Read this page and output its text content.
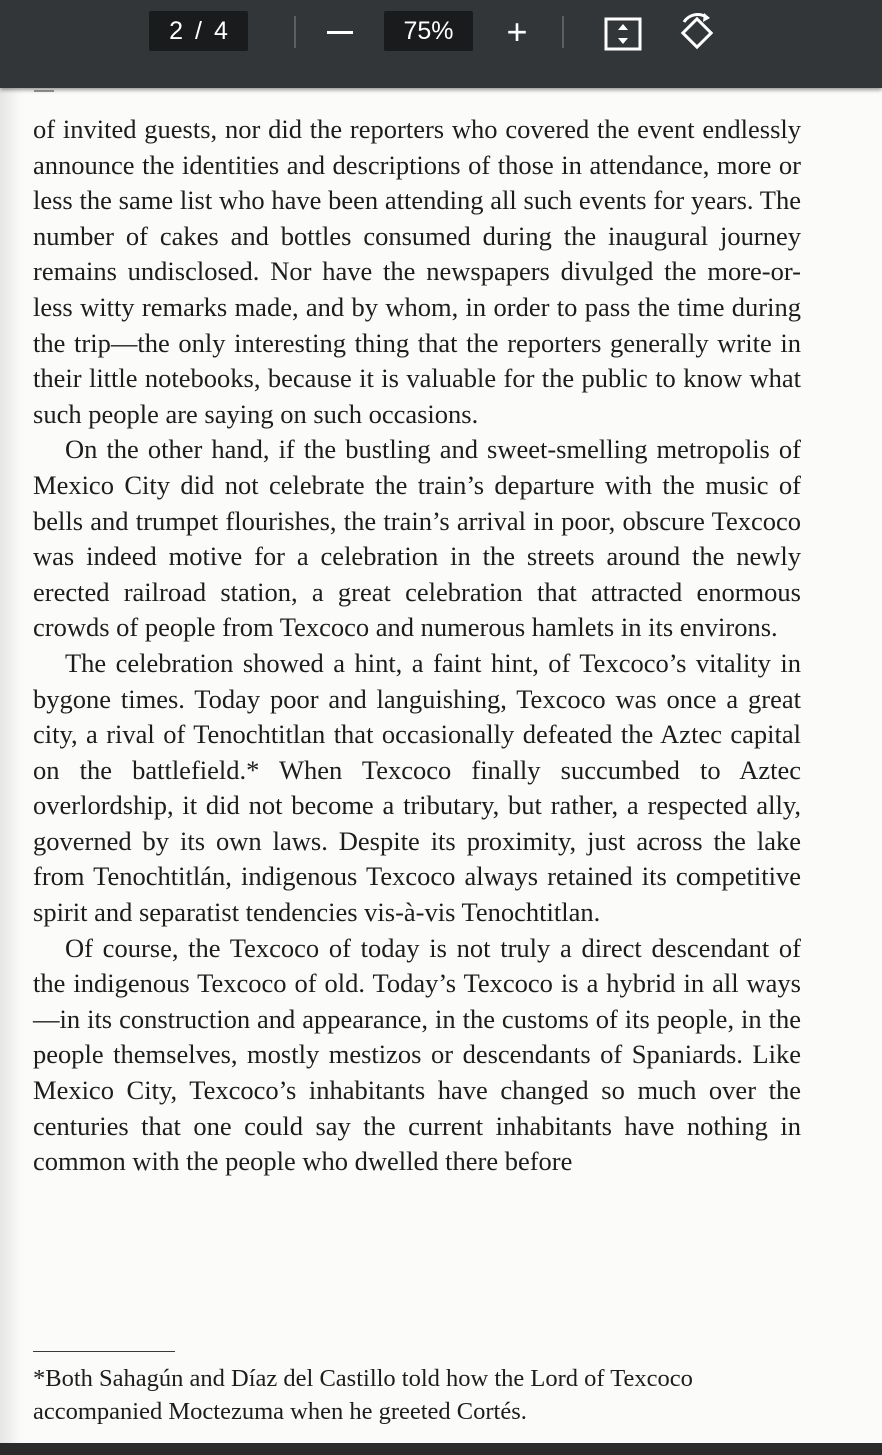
2 / 4	75%	+

of invited guests, nor did the reporters who covered the event endlessly announce the identities and descriptions of those in attendance, more or less the same list who have been attending all such events for years. The number of cakes and bottles consumed during the inaugural journey remains undisclosed. Nor have the newspapers divulged the more-or-less witty remarks made, and by whom, in order to pass the time during the trip—the only interesting thing that the reporters generally write in their little notebooks, because it is valuable for the public to know what such people are saying on such occasions.

On the other hand, if the bustling and sweet-smelling metropolis of Mexico City did not celebrate the train’s departure with the music of bells and trumpet flourishes, the train’s arrival in poor, obscure Texcoco was indeed motive for a celebration in the streets around the newly erected railroad station, a great celebration that attracted enormous crowds of people from Texcoco and numerous hamlets in its environs.

The celebration showed a hint, a faint hint, of Texcoco’s vitality in bygone times. Today poor and languishing, Texcoco was once a great city, a rival of Tenochtitlan that occasionally defeated the Aztec capital on the battlefield.* When Texcoco finally succumbed to Aztec overlordship, it did not become a tributary, but rather, a respected ally, governed by its own laws. Despite its proximity, just across the lake from Tenochtitlán, indigenous Texcoco always retained its competitive spirit and separatist tendencies vis-à-vis Tenochtitlan.

Of course, the Texcoco of today is not truly a direct descendant of the indigenous Texcoco of old. Today’s Texcoco is a hybrid in all ways—in its construction and appearance, in the customs of its people, in the people themselves, mostly mestizos or descendants of Spaniards. Like Mexico City, Texcoco’s inhabitants have changed so much over the centuries that one could say the current inhabitants have nothing in common with the people who dwelled there before

*Both Sahagún and Díaz del Castillo told how the Lord of Texcoco accompanied Moctezuma when he greeted Cortés.
